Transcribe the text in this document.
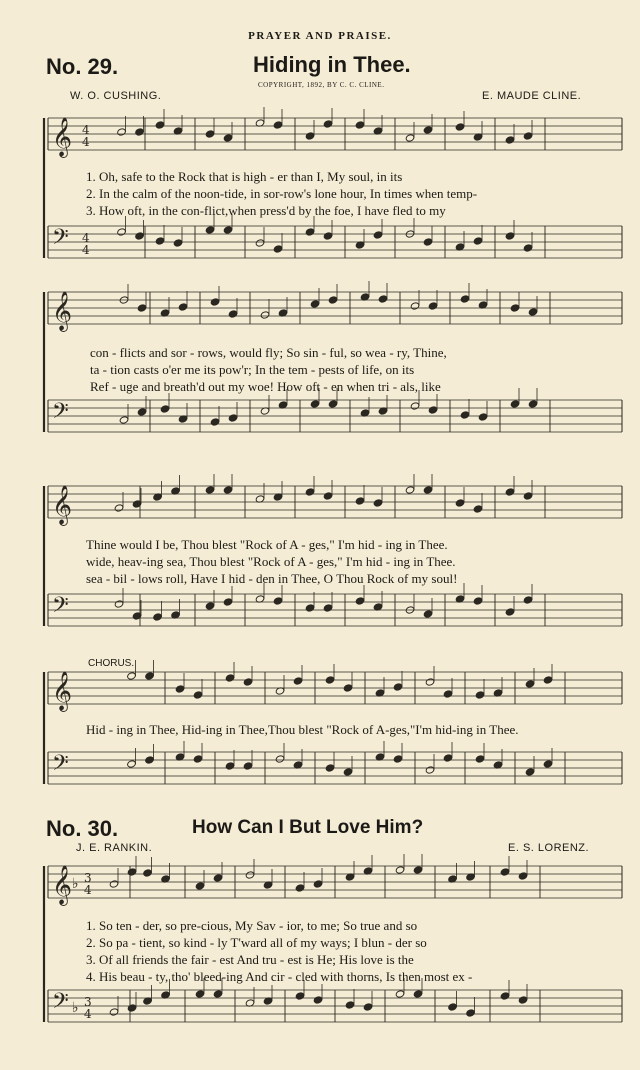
PRAYER AND PRAISE.
No. 29.	Hiding in Thee.
COPYRIGHT, 1892, BY C. C. CLINE.
W. O. CUSHING.	E. MAUDE CLINE.
𝄞
𝄢
𝄞
𝄢
𝄞
𝄢
𝄞
𝄢
4
4
4
4
𝄞
𝄢
3
4
3
4
♭
♭
1. Oh, safe to the Rock that is high - er than I, My soul, in its
2. In the calm of the noon-tide, in sor-row's lone hour, In times when temp-
3. How oft, in the con-flict,when press'd by the foe, I have fled to my
con - flicts and sor - rows, would fly; So sin - ful, so wea - ry, Thine,
ta - tion casts o'er me its pow'r; In the tem - pests of life, on its
Ref - uge and breath'd out my woe! How oft - en when tri - als, like
Thine would I be, Thou blest "Rock of A - ges," I'm hid - ing in Thee.
wide, heav-ing sea, Thou blest "Rock of A - ges," I'm hid - ing in Thee.
sea - bil - lows roll, Have I hid - den in Thee, O Thou Rock of my soul!
CHORUS.
Hid - ing in Thee, Hid-ing in Thee,Thou blest "Rock of A-ges,"I'm hid-ing in Thee.
No. 30.	How Can I But Love Him?
J. E. RANKIN.	E. S. LORENZ.
1. So ten - der, so pre-cious, My Sav - ior, to me; So true and so
2. So pa - tient, so kind - ly T'ward all of my ways; I blun - der so
3. Of all friends the fair - est And tru - est is He; His love is the
4. His beau - ty, tho' bleed-ing And cir - cled with thorns, Is then most ex -
